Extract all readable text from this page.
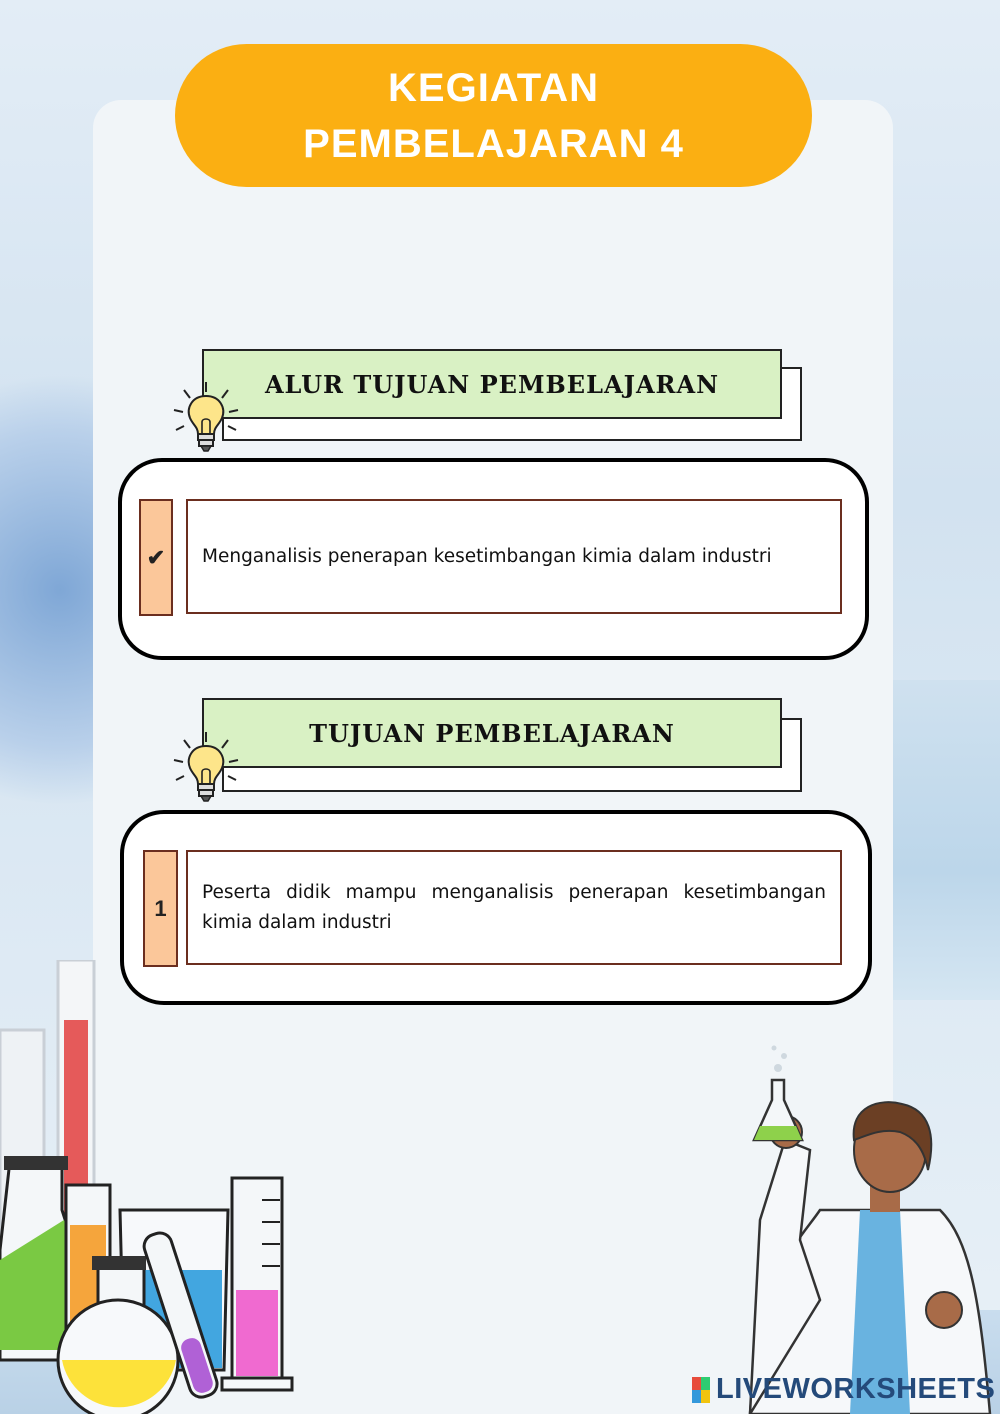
KEGIATAN
PEMBELAJARAN 4
ALUR TUJUAN PEMBELAJARAN
✔	Menganalisis penerapan kesetimbangan kimia dalam industri
TUJUAN PEMBELAJARAN
1
Peserta didik mampu menganalisis penerapan kesetimbangan kimia dalam industri
LIVEWORKSHEETS
